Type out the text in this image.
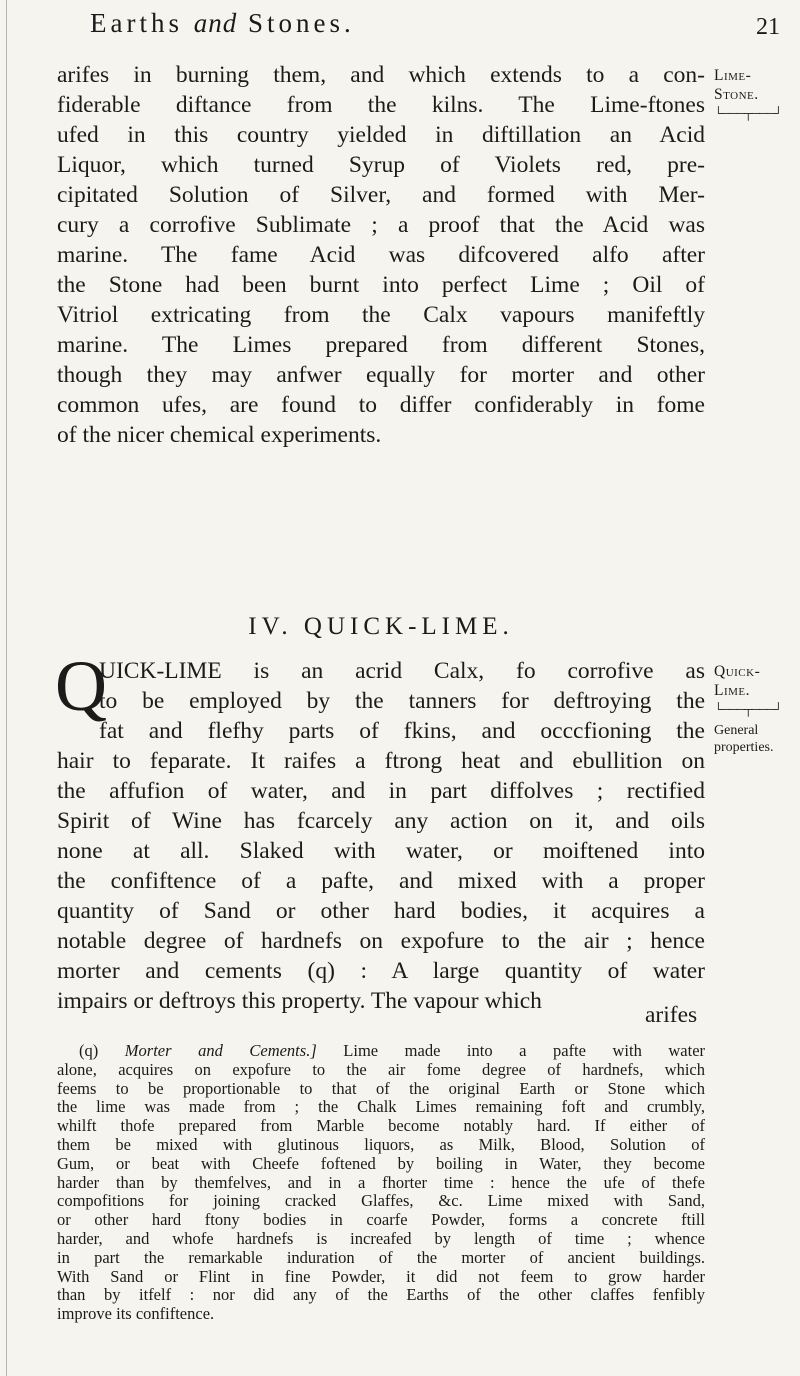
Earths and Stones.	21
arifes in burning them, and which extends to a con-
fiderable diftance from the kilns. The Lime-ftones
ufed in this country yielded in diftillation an Acid
Liquor, which turned Syrup of Violets red, pre-
cipitated Solution of Silver, and formed with Mer-
cury a corrofive Sublimate ; a proof that the Acid was
marine. The fame Acid was difcovered alfo after
the Stone had been burnt into perfect Lime ; Oil of
Vitriol extricating from the Calx vapours manifeftly
marine. The Limes prepared from different Stones,
though they may anfwer equally for morter and other
common ufes, are found to differ confiderably in fome
of the nicer chemical experiments.
Lime-
Stone.
└───┬───┘
IV. QUICK-LIME.
Q
UICK-LIME is an acrid Calx, fo corrofive as
to be employed by the tanners for deftroying the
fat and flefhy parts of fkins, and occcfioning the
hair to feparate. It raifes a ftrong heat and ebullition on
the affufion of water, and in part diffolves ; rectified
Spirit of Wine has fcarcely any action on it, and oils
none at all. Slaked with water, or moiftened into
the confiftence of a pafte, and mixed with a proper
quantity of Sand or other hard bodies, it acquires a
notable degree of hardnefs on expofure to the air ; hence
morter and cements (q) : A large quantity of water
impairs or deftroys this property. The vapour which
Quick-
Lime.
└───┬───┘
General
properties.
arifes
(q) Morter and Cements.] Lime made into a pafte with water
alone, acquires on expofure to the air fome degree of hardnefs, which
feems to be proportionable to that of the original Earth or Stone which
the lime was made from ; the Chalk Limes remaining foft and crumbly,
whilft thofe prepared from Marble become notably hard. If either of
them be mixed with glutinous liquors, as Milk, Blood, Solution of
Gum, or beat with Cheefe foftened by boiling in Water, they become
harder than by themfelves, and in a fhorter time : hence the ufe of thefe
compofitions for joining cracked Glaffes, &c. Lime mixed with Sand,
or other hard ftony bodies in coarfe Powder, forms a concrete ftill
harder, and whofe hardnefs is increafed by length of time ; whence
in part the remarkable induration of the morter of ancient buildings.
With Sand or Flint in fine Powder, it did not feem to grow harder
than by itfelf : nor did any of the Earths of the other claffes fenfibly
improve its confiftence.
